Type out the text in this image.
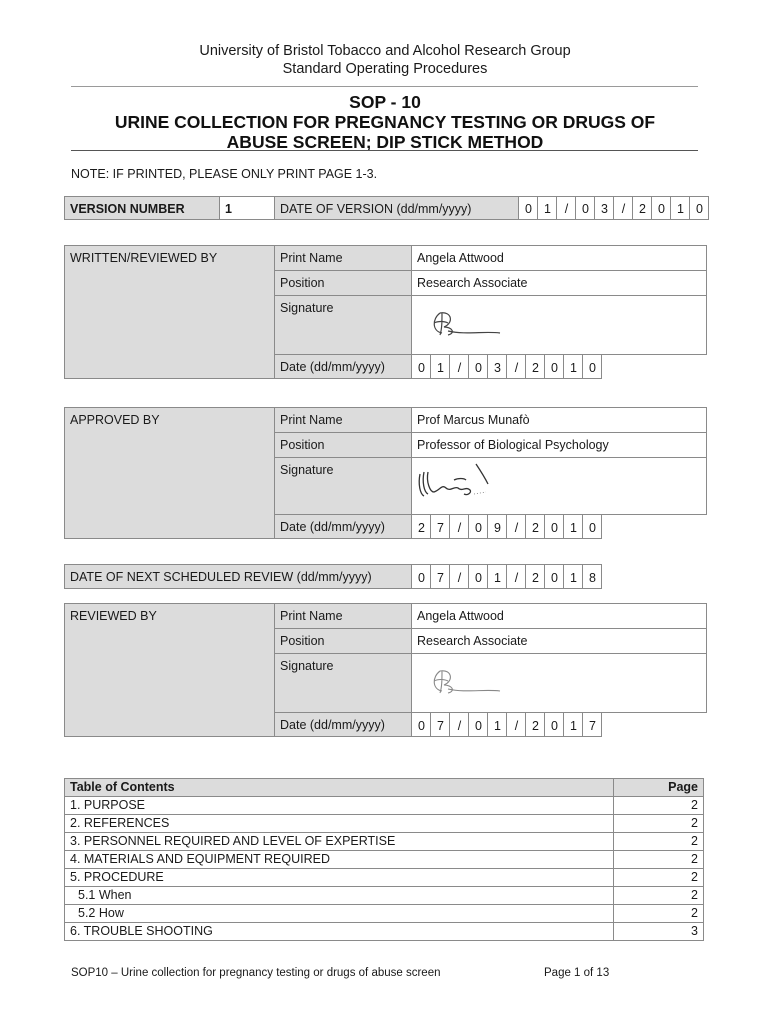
University of Bristol Tobacco and Alcohol Research Group
Standard Operating Procedures
SOP - 10
URINE COLLECTION FOR PREGNANCY TESTING OR DRUGS OF
ABUSE SCREEN; DIP STICK METHOD
NOTE: IF PRINTED, PLEASE ONLY PRINT PAGE 1-3.
VERSION NUMBER	1	DATE OF VERSION (dd/mm/yyyy)	0 1	/	0 3	/	2 0 1 0
WRITTEN/REVIEWED BY	Print Name	Angela Attwood
Position	Research Associate
Signature
Date (dd/mm/yyyy)	0 1	/	0 3	/	2 0 1 0
APPROVED BY	Print Name	Prof Marcus Munafò
Position	Professor of Biological Psychology
Signature
Date (dd/mm/yyyy)	2 7	/	0 9	/	2 0 1 0
DATE OF NEXT SCHEDULED REVIEW (dd/mm/yyyy)	0 7	/	0 1	/	2 0 1 8
REVIEWED BY	Print Name	Angela Attwood
Position	Research Associate
Signature
Date (dd/mm/yyyy)	0 7	/	0 1	/	2 0 1 7
Table of Contents	Page
1. PURPOSE	2
2. REFERENCES	2
3. PERSONNEL REQUIRED AND LEVEL OF EXPERTISE	2
4. MATERIALS AND EQUIPMENT REQUIRED	2
5. PROCEDURE	2
5.1 When	2
5.2 How	2
6. TROUBLE SHOOTING	3
SOP10 – Urine collection for pregnancy testing or drugs of abuse screen	Page 1 of 13
